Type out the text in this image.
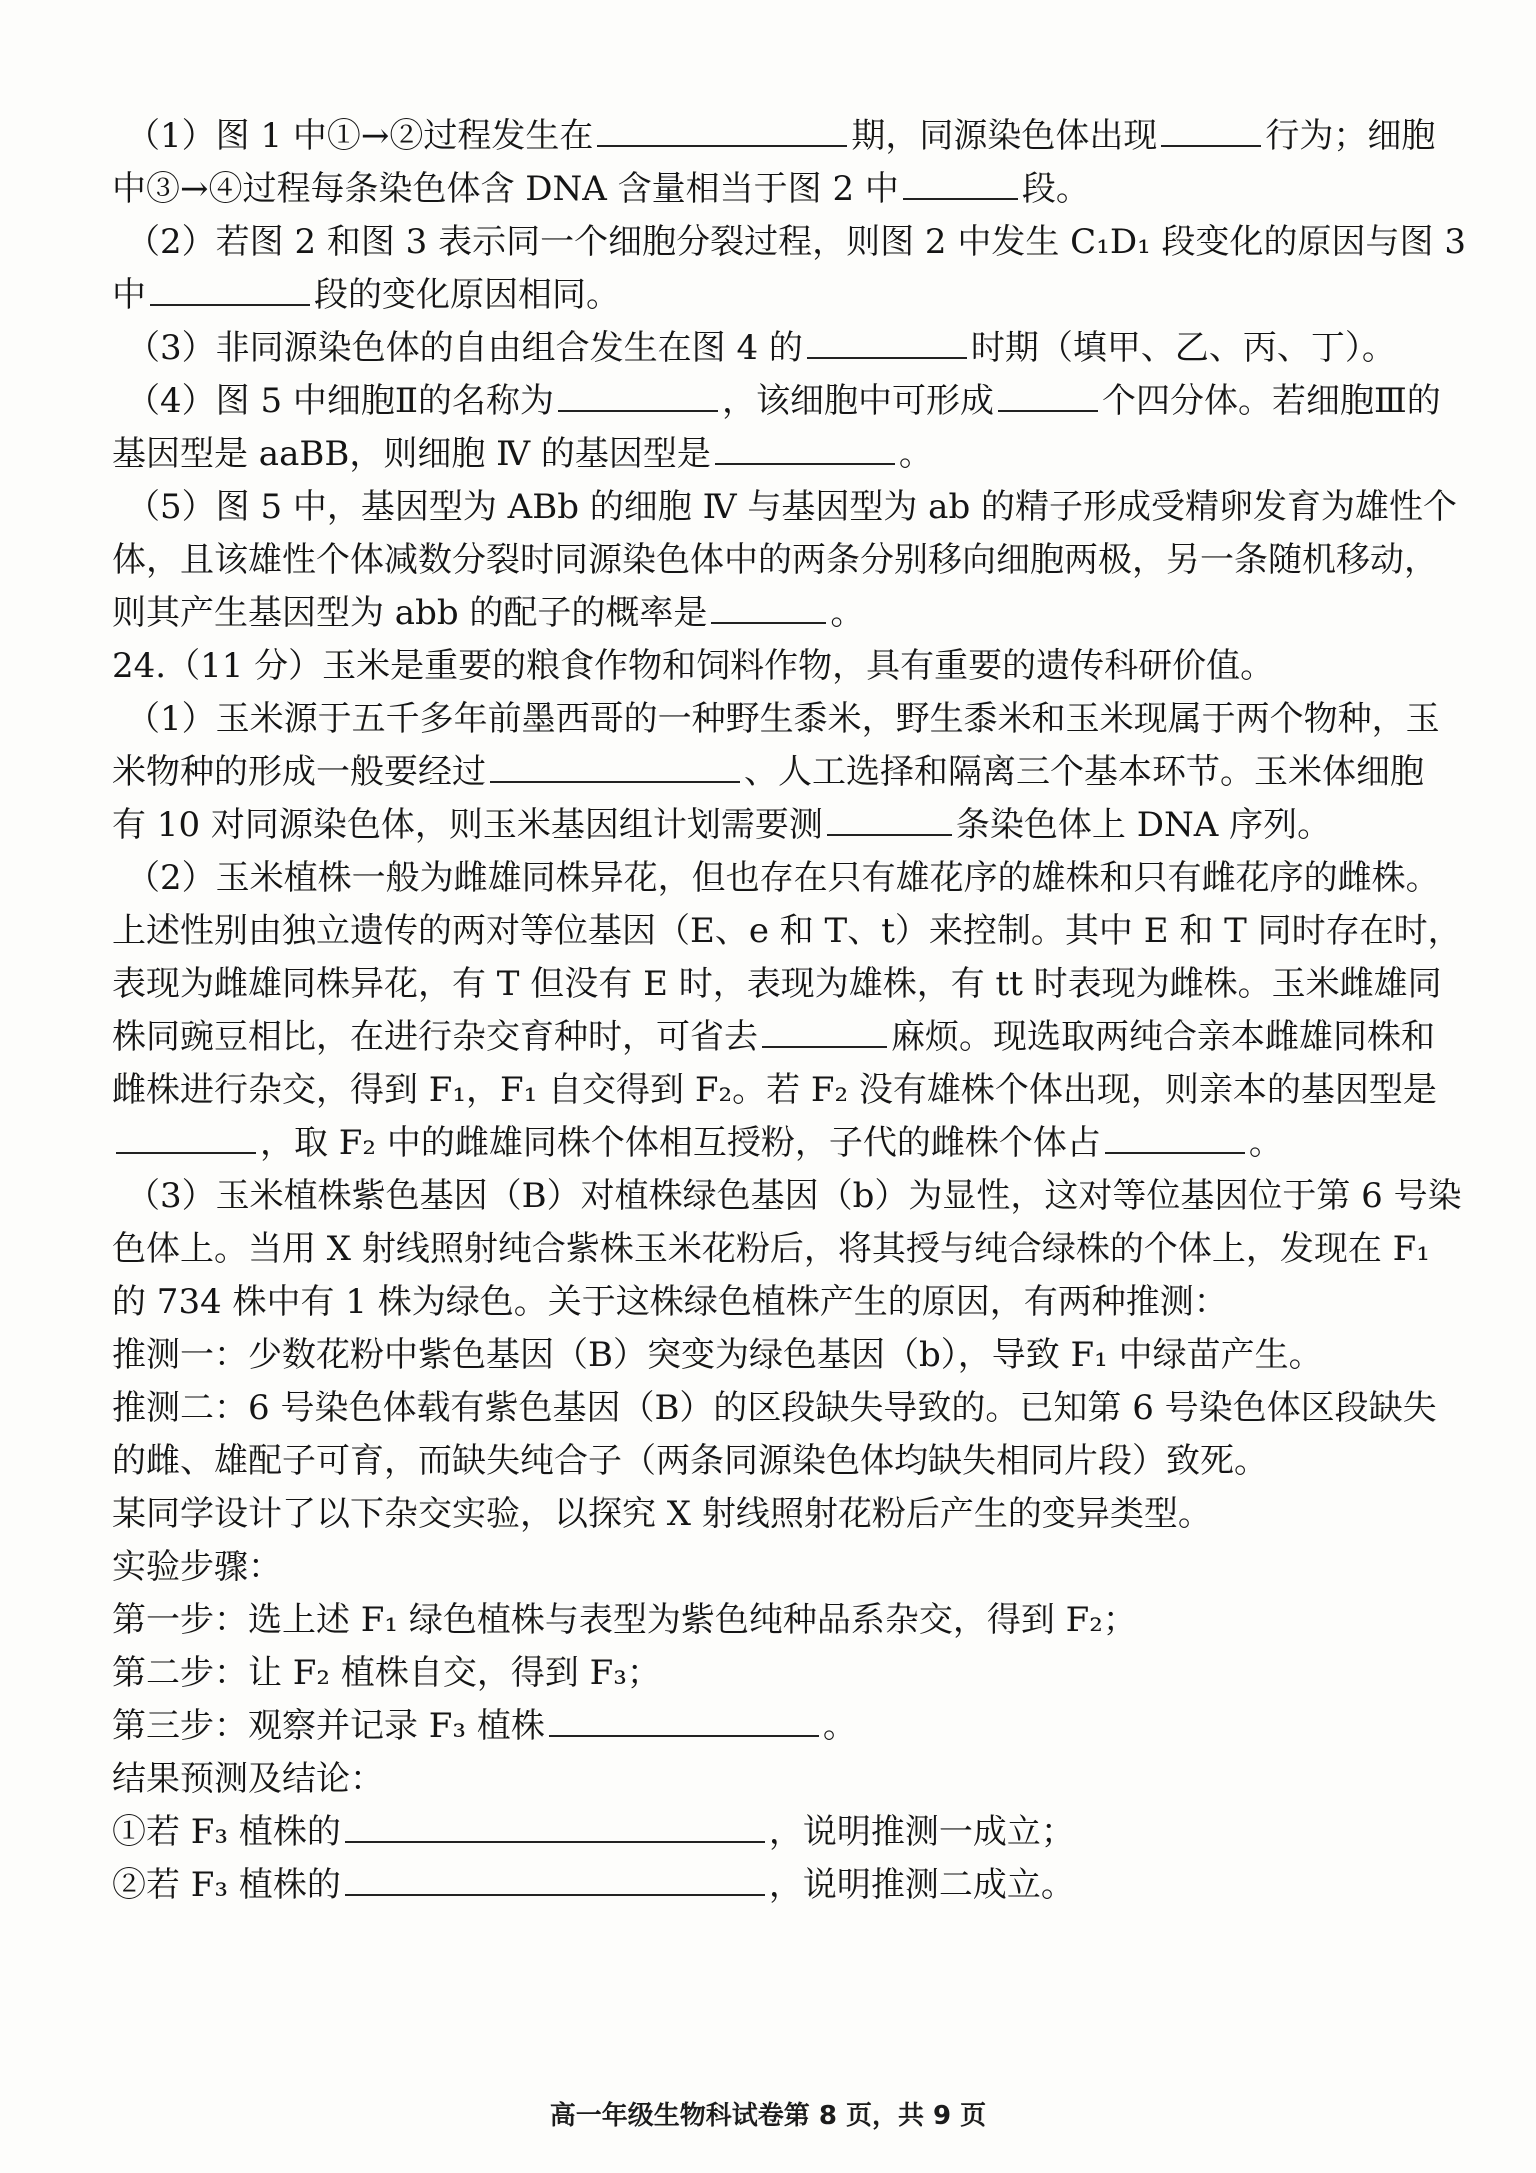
（1）图 1 中①→②过程发生在	期，同源染色体出现	行为；细胞
中③→④过程每条染色体含 DNA 含量相当于图 2 中	段。
（2）若图 2 和图 3 表示同一个细胞分裂过程，则图 2 中发生 C₁D₁ 段变化的原因与图 3
中	段的变化原因相同。
（3）非同源染色体的自由组合发生在图 4 的	时期（填甲、乙、丙、丁）。
（4）图 5 中细胞Ⅱ的名称为	，该细胞中可形成	个四分体。若细胞Ⅲ的
基因型是 aaBB，则细胞 Ⅳ 的基因型是	。
（5）图 5 中，基因型为 ABb 的细胞 Ⅳ 与基因型为 ab 的精子形成受精卵发育为雄性个
体，且该雄性个体减数分裂时同源染色体中的两条分别移向细胞两极，另一条随机移动，
则其产生基因型为 abb 的配子的概率是	。
24.（11 分）玉米是重要的粮食作物和饲料作物，具有重要的遗传科研价值。
（1）玉米源于五千多年前墨西哥的一种野生黍米，野生黍米和玉米现属于两个物种，玉
米物种的形成一般要经过	、人工选择和隔离三个基本环节。玉米体细胞
有 10 对同源染色体，则玉米基因组计划需要测	条染色体上 DNA 序列。
（2）玉米植株一般为雌雄同株异花，但也存在只有雄花序的雄株和只有雌花序的雌株。
上述性别由独立遗传的两对等位基因（E、e 和 T、t）来控制。其中 E 和 T 同时存在时，
表现为雌雄同株异花，有 T 但没有 E 时，表现为雄株，有 tt 时表现为雌株。玉米雌雄同
株同豌豆相比，在进行杂交育种时，可省去	麻烦。现选取两纯合亲本雌雄同株和
雌株进行杂交，得到 F₁，F₁ 自交得到 F₂。若 F₂ 没有雄株个体出现，则亲本的基因型是
，取 F₂ 中的雌雄同株个体相互授粉，子代的雌株个体占	。
（3）玉米植株紫色基因（B）对植株绿色基因（b）为显性，这对等位基因位于第 6 号染
色体上。当用 X 射线照射纯合紫株玉米花粉后，将其授与纯合绿株的个体上，发现在 F₁
的 734 株中有 1 株为绿色。关于这株绿色植株产生的原因，有两种推测：
推测一：少数花粉中紫色基因（B）突变为绿色基因（b），导致 F₁ 中绿苗产生。
推测二：6 号染色体载有紫色基因（B）的区段缺失导致的。已知第 6 号染色体区段缺失
的雌、雄配子可育，而缺失纯合子（两条同源染色体均缺失相同片段）致死。
某同学设计了以下杂交实验，以探究 X 射线照射花粉后产生的变异类型。
实验步骤：
第一步：选上述 F₁ 绿色植株与表型为紫色纯种品系杂交，得到 F₂；
第二步：让 F₂ 植株自交，得到 F₃；
第三步：观察并记录 F₃ 植株	。
结果预测及结论：
①若 F₃ 植株的	，说明推测一成立；
②若 F₃ 植株的	，说明推测二成立。
高一年级生物科试卷第 8 页，共 9 页
